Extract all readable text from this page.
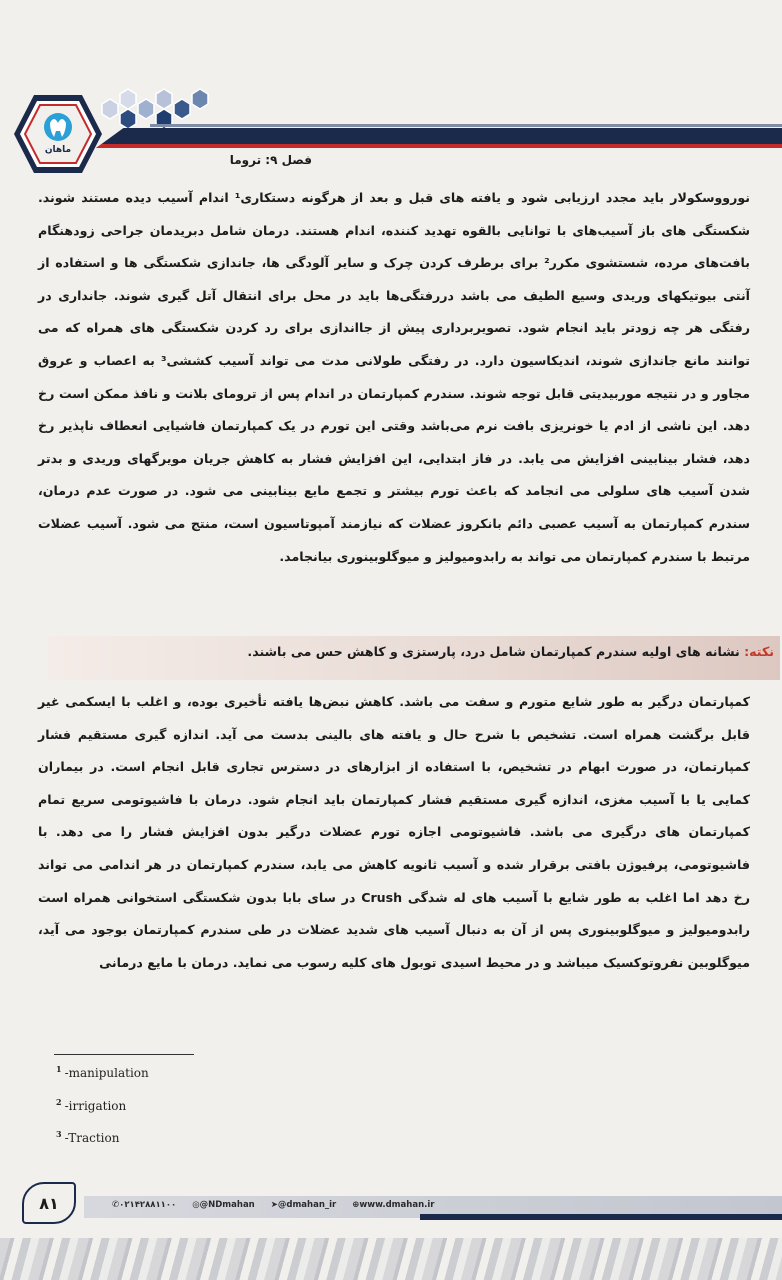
ماهان
فصل ۹: تروما

نورووسکولار باید مجدد ارزیابی شود و یافته های قبل و بعد از هرگونه دستکاری¹ اندام آسیب دیده مستند شوند. شکستگی های باز آسیب‌های با توانایی بالقوه تهدید کننده، اندام هستند. درمان شامل دبریدمان جراحی زودهنگام بافت‌های مرده، شستشوی مکرر² برای برطرف کردن چرک و سایر آلودگی ها، جاندازی شکستگی ها و استفاده از آنتی بیوتیکهای وریدی وسیع الطیف می باشد دررفتگی‌ها باید در محل برای انتقال آتل گیری شوند. جانداری در رفتگی هر چه زودتر باید انجام شود. تصویربرداری پیش از جااندازی برای رد کردن شکستگی های همراه که می توانند مانع جاندازی شوند، اندیکاسیون دارد. در رفتگی طولانی مدت می تواند آسیب کششی³ به اعصاب و عروق مجاور و در نتیجه موربیدیتی قابل توجه شوند. سندرم کمپارتمان در اندام پس از ترومای بلانت و نافذ ممکن است رخ دهد. این ناشی از ادم یا خونریزی بافت نرم می‌باشد وقتی این تورم در یک کمپارتمان فاشیایی انعطاف ناپذیر رخ دهد، فشار بینابینی افزایش می یابد. در فاز ابتدایی، این افزایش فشار به کاهش جریان مویرگهای وریدی و بدتر شدن آسیب های سلولی می انجامد که باعث تورم بیشتر و تجمع مایع بینابینی می شود. در صورت عدم درمان، سندرم کمپارتمان به آسیب عصبی دائم بانکروز عضلات که نیازمند آمپوتاسیون است، منتج می شود. آسیب عضلات مرتبط با سندرم کمپارتمان می تواند به رابدومیولیز و میوگلوبینوری بیانجامد.

نکته: نشانه های اولیه سندرم کمپارتمان شامل درد، پارستزی و کاهش حس می باشند.

کمپارتمان درگیر به طور شایع متورم و سفت می باشد. کاهش نبض‌ها یافته تأخیری بوده، و اغلب با ایسکمی غیر قابل برگشت همراه است. تشخیص با شرح حال و یافته های بالینی بدست می آید. اندازه گیری مستقیم فشار کمپارتمان، در صورت ابهام در تشخیص، با استفاده از ابزارهای در دسترس تجاری قابل انجام است. در بیماران کمایی یا با آسیب مغزی، اندازه گیری مستقیم فشار کمپارتمان باید انجام شود. درمان با فاشیوتومی سریع تمام کمپارتمان های درگیری می باشد. فاشیوتومی اجازه تورم عضلات درگیر بدون افزایش فشار را می دهد. با فاشیوتومی، پرفیوژن بافتی برقرار شده و آسیب ثانویه کاهش می یابد، سندرم کمپارتمان در هر اندامی می تواند رخ دهد اما اغلب به طور شایع با آسیب های له شدگی Crush در سای بابا بدون شکستگی استخوانی همراه است رابدومیولیز و میوگلوبینوری پس از آن به دنبال آسیب های شدید عضلات در طی سندرم کمپارتمان بوجود می آید، میوگلوبین نفروتوکسیک میباشد و در محیط اسیدی توبول های کلیه رسوب می نماید. درمان با مایع درمانی

$^1$ -manipulation
$^2$ -irrigation
$^3$ -Traction
✆۰۲۱۴۲۸۸۱۱۰۰ ◎@NDmahan ➤@dmahan_ir ⊕www.dmahan.ir
۸۱
